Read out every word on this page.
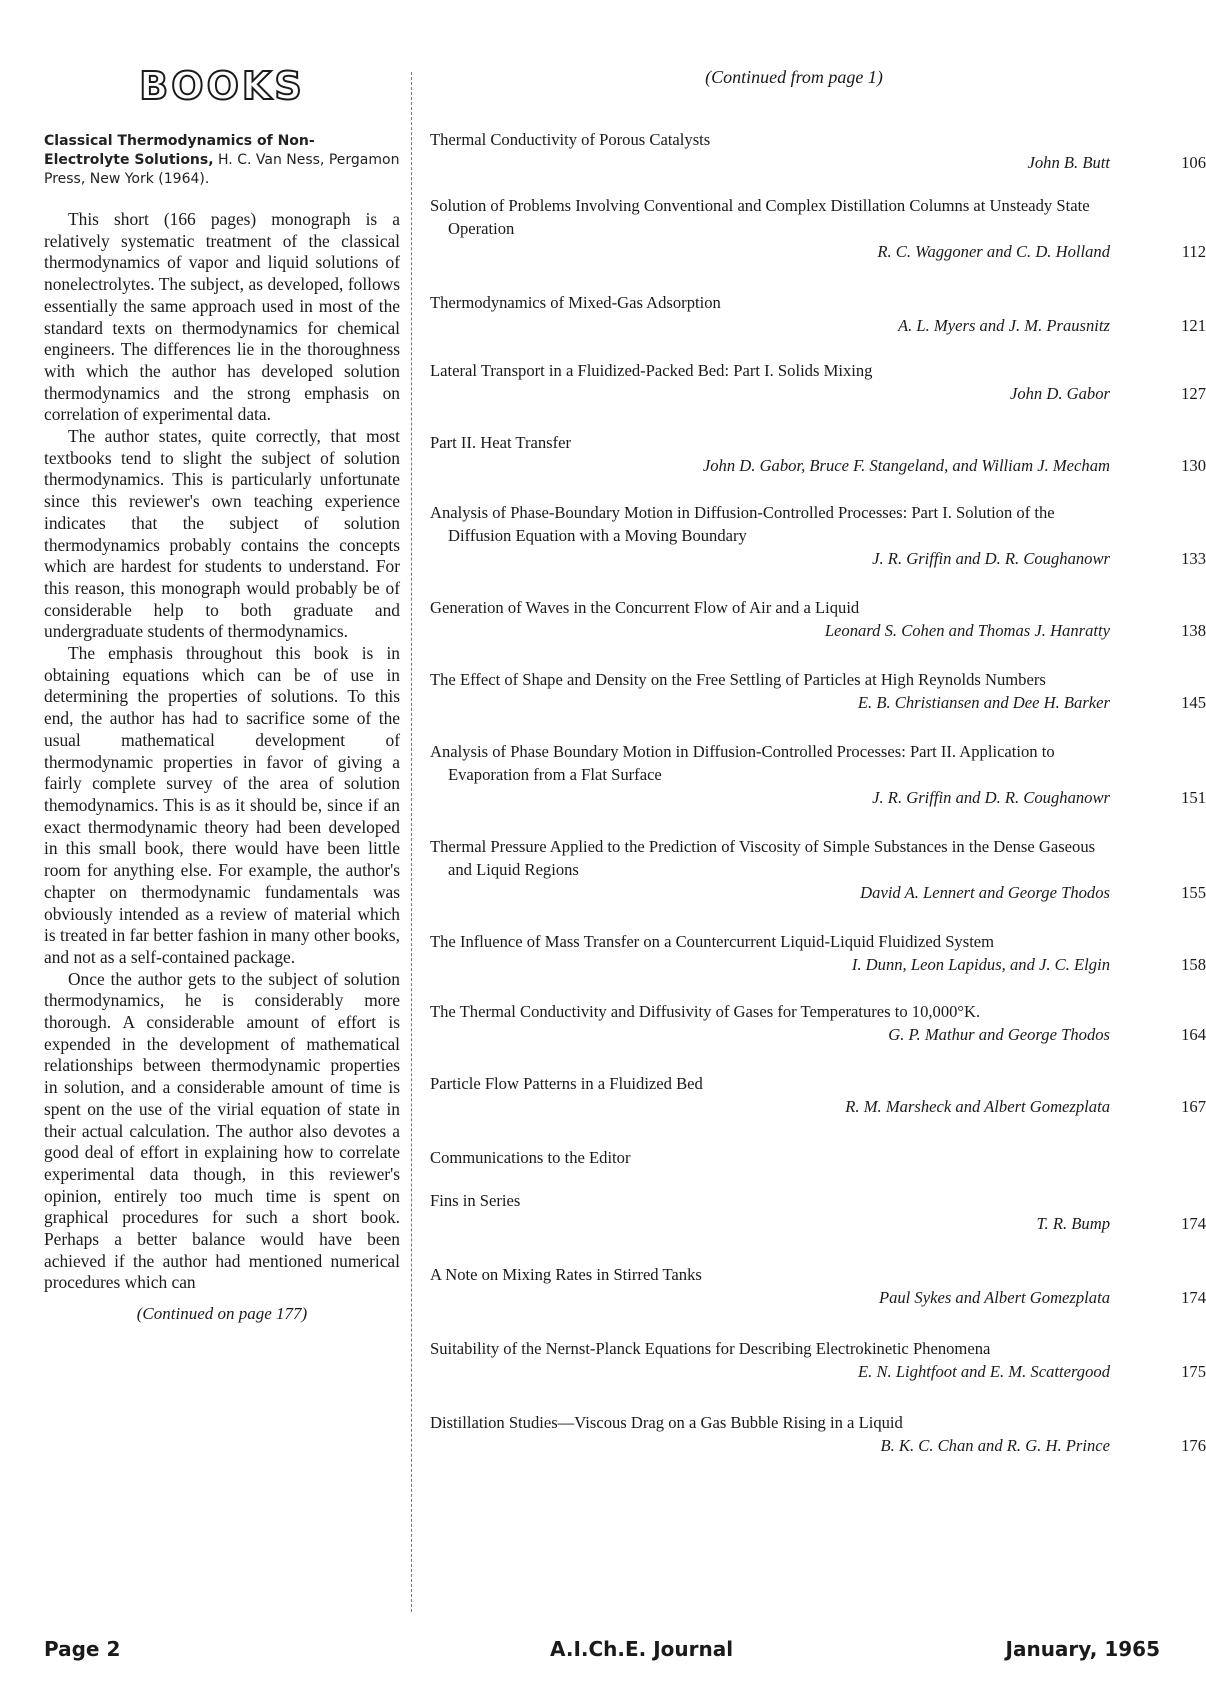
BOOKS
Classical Thermodynamics of Non-Electrolyte Solutions, H. C. Van Ness, Pergamon Press, New York (1964).

This short (166 pages) monograph is a relatively systematic treatment of the classical thermodynamics of vapor and liquid solutions of nonelectrolytes. The subject, as developed, follows essentially the same approach used in most of the standard texts on thermodynamics for chemical engineers. The differences lie in the thoroughness with which the author has developed solution thermodynamics and the strong emphasis on correlation of experimental data.

The author states, quite correctly, that most textbooks tend to slight the subject of solution thermodynamics. This is particularly unfortunate since this reviewer's own teaching experience indicates that the subject of solution thermodynamics probably contains the concepts which are hardest for students to understand. For this reason, this monograph would probably be of considerable help to both graduate and undergraduate students of thermodynamics.

The emphasis throughout this book is in obtaining equations which can be of use in determining the properties of solutions. To this end, the author has had to sacrifice some of the usual mathematical development of thermodynamic properties in favor of giving a fairly complete survey of the area of solution themodynamics. This is as it should be, since if an exact thermodynamic theory had been developed in this small book, there would have been little room for anything else. For example, the author's chapter on thermodynamic fundamentals was obviously intended as a review of material which is treated in far better fashion in many other books, and not as a self-contained package.

Once the author gets to the subject of solution thermodynamics, he is considerably more thorough. A considerable amount of effort is expended in the development of mathematical relationships between thermodynamic properties in solution, and a considerable amount of time is spent on the use of the virial equation of state in their actual calculation. The author also devotes a good deal of effort in explaining how to correlate experimental data though, in this reviewer's opinion, entirely too much time is spent on graphical procedures for such a short book. Perhaps a better balance would have been achieved if the author had mentioned numerical procedures which can

(Continued on page 177)
(Continued from page 1)
Thermal Conductivity of Porous Catalysts
John B. Butt	106
Solution of Problems Involving Conventional and Complex Distillation Columns at Unsteady State Operation
R. C. Waggoner and C. D. Holland	112
Thermodynamics of Mixed-Gas Adsorption
A. L. Myers and J. M. Prausnitz	121
Lateral Transport in a Fluidized-Packed Bed: Part I. Solids Mixing
John D. Gabor	127
Part II. Heat Transfer
John D. Gabor, Bruce F. Stangeland, and William J. Mecham	130
Analysis of Phase-Boundary Motion in Diffusion-Controlled Processes: Part I. Solution of the Diffusion Equation with a Moving Boundary
J. R. Griffin and D. R. Coughanowr	133
Generation of Waves in the Concurrent Flow of Air and a Liquid
Leonard S. Cohen and Thomas J. Hanratty	138
The Effect of Shape and Density on the Free Settling of Particles at High Reynolds Numbers
E. B. Christiansen and Dee H. Barker	145
Analysis of Phase Boundary Motion in Diffusion-Controlled Processes: Part II. Application to Evaporation from a Flat Surface
J. R. Griffin and D. R. Coughanowr	151
Thermal Pressure Applied to the Prediction of Viscosity of Simple Substances in the Dense Gaseous and Liquid Regions
David A. Lennert and George Thodos	155
The Influence of Mass Transfer on a Countercurrent Liquid-Liquid Fluidized System
I. Dunn, Leon Lapidus, and J. C. Elgin	158
The Thermal Conductivity and Diffusivity of Gases for Temperatures to 10,000°K.
G. P. Mathur and George Thodos	164
Particle Flow Patterns in a Fluidized Bed
R. M. Marsheck and Albert Gomezplata	167
Communications to the Editor
Fins in Series
T. R. Bump	174
A Note on Mixing Rates in Stirred Tanks
Paul Sykes and Albert Gomezplata	174
Suitability of the Nernst-Planck Equations for Describing Electrokinetic Phenomena
E. N. Lightfoot and E. M. Scattergood	175
Distillation Studies—Viscous Drag on a Gas Bubble Rising in a Liquid
B. K. C. Chan and R. G. H. Prince	176
Page 2	A.I.Ch.E. Journal	January, 1965
